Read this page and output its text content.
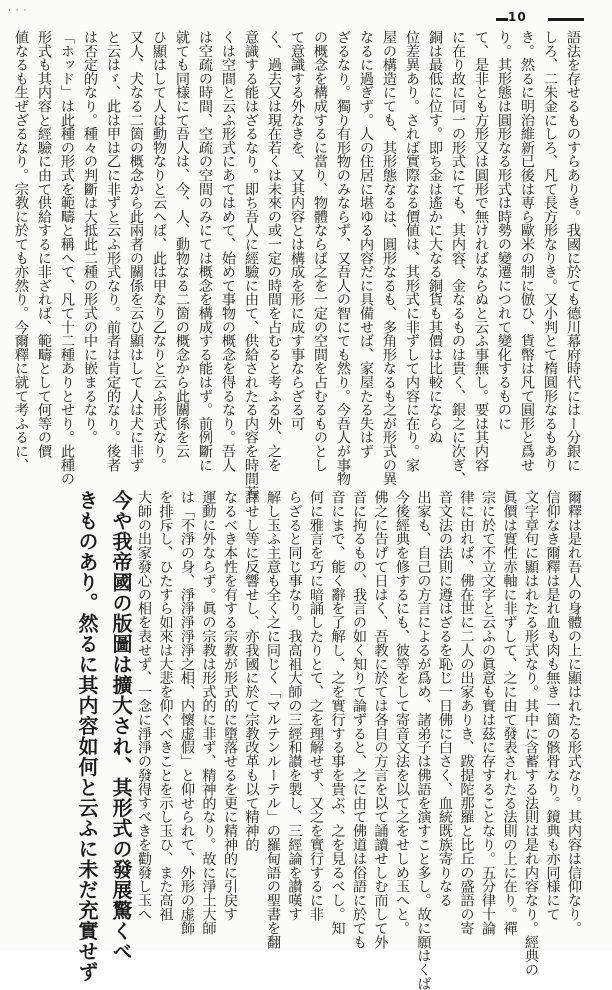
· · ·	10
語法を存せるものすらありき。我國に於ても德川幕府時代にはー分銀に
しろ、二朱金にしろ、凡て長方形なりき。又小判とて楕圓形なるもあり
き。然るに明治維新已後は専ら歐米の制に倣ひ、貨幣は凡て圓形と爲せ
り。其形態は圓形なる形式は時勢の變遷につれて變化するものに
て、是非とも方形又は圓形で無ければならぬと云ふ事無し。要は其内容
に在り故に同一の形式にても、其内容、金なるものは貴く、銀之に次ぎ、
銅は最低に位す。即ち金は遙かに大なる銅貨も其價は比較にならぬ
位差異あり。されば實際なる價値は、其形式に非ずして内容に在り。家
屋の構造にても、其形態なるは、圓形なるも、多角形なるも之が形式の異
なるに過ぎず。人の住居に堪ゆる内容だに具備せば、家屋たる失はず
ざるなり。獨り有形物のみならず、又吾人の智にても然り。今吾人が事物
の概念を構成するに當り、物體ならば之を一定の空間を占むるものとし
て意識する外なきを、又其内容とは構成を形に成す事ならざる可
く、過去又は現在若くは未來の或一定の時間を占むると考ふる外、之を
意識する能はざるなり。即ち吾人に經驗に由て、供給されたる内容を時間若
くは空間と云ふ形式にあてはめて、始めて事物の概念を得るなり。吾人
は空疏の時間、空疏の空間のみにては概念を構成する能はず。前例斷に
就ても同様にて吾人は、今、人、動物なる二箇の概念から此關係を云
ひ顯はして人は動物なりと云へば、此は甲なり乙なりと云ふ形式なり。
又人、犬なる二箇の概念から此兩者の關係を云ひ顯はして人は犬に非ず
と云はゞ、此は甲は乙に非ずと云ふ形式なり。前者は肯定的なり。後者
は否定的なり。種々の判斷は大抵此二種の形式の中に嵌まるなり。
「ホッド」は此種の形式を範疇と稱へて、凡て十二種ありとせり。此種の
形式も其内容と經驗に由て供給するに非ざれば、範疇として何等の價
値なるも生ぜざるなり。宗教に於ても亦然り。今爾釋に就て考ふるに、
爾釋は是れ吾人の身體の上に顯はれたる形式なり。其内容は信仰なり。
信仰なき爾釋は是れ血も肉も無き一箇の骸骨なり。鏡典も亦同様にて
文字章句に顯はれたる形式なり。其中に含蓄する法則は是れ内容なり。經典の
眞價は實性赤軸に非ずして、之に由て發表されたる法則の上に在り。禪
宗に於て不立文字と云ふの眞意も實は茲に存することなり。五分律十論
律に由れば、佛在世に二人の出家ありき、跋提陀那羅と比丘の盛語の寄
音文法の法則に遵はざるを恥じ一日佛に白さく、血統既族寄りなる
出家も、自己の方言によるが爲め、諸弟子は佛語を演すこと多し。故に願はくば
今後經典を修するにも、彼等をして寄音文法を以て之をせしめ玉へと。
佛之に告げて日はく、吾教に於ては各自の方言を以て誦讀せしむ而して外
音に拘るもの、我言の如く知りて論ずると、之に由て佛道は俗語に於ても
音にまで、能く辭を了解し、之を實行する事を貴ぶ、之を見るべし。知
何に雅言を巧に暗誦したりとて、之を理解せず、又之を實行するに非
らざると同じ事なり。我高祖大師の三經和讃を製し、三經論を讃嘆す
解し玉ふ主意も全く之に同じく「マルテンルーテル」の羅甸語の聖書を翻
譯せし等に反響せし、亦我國に於て宗教改革も以て精神的
なるべき本性を有する宗教が形式的に墮落せるを更に精神的に引戻す
運動に外ならず。眞の宗教は形式的に非ず、精神的なり。故に淨土大師
は「不淨の身、淨淨淨淨淨之相、内懷虚假」と仰せられて、外形の虚飾
を排斥し、ひたすら如來は大悲を仰ぐべきことを示し玉ひ、また高祖
大師の出家發心の相を表せず、一念に淨淨の發得すべきを勸發し玉へ
今や我帝國の版圖は擴大され、其形式の發展驚くべ
きものあり。然るに其内容如何と云ふに未だ充實せず
